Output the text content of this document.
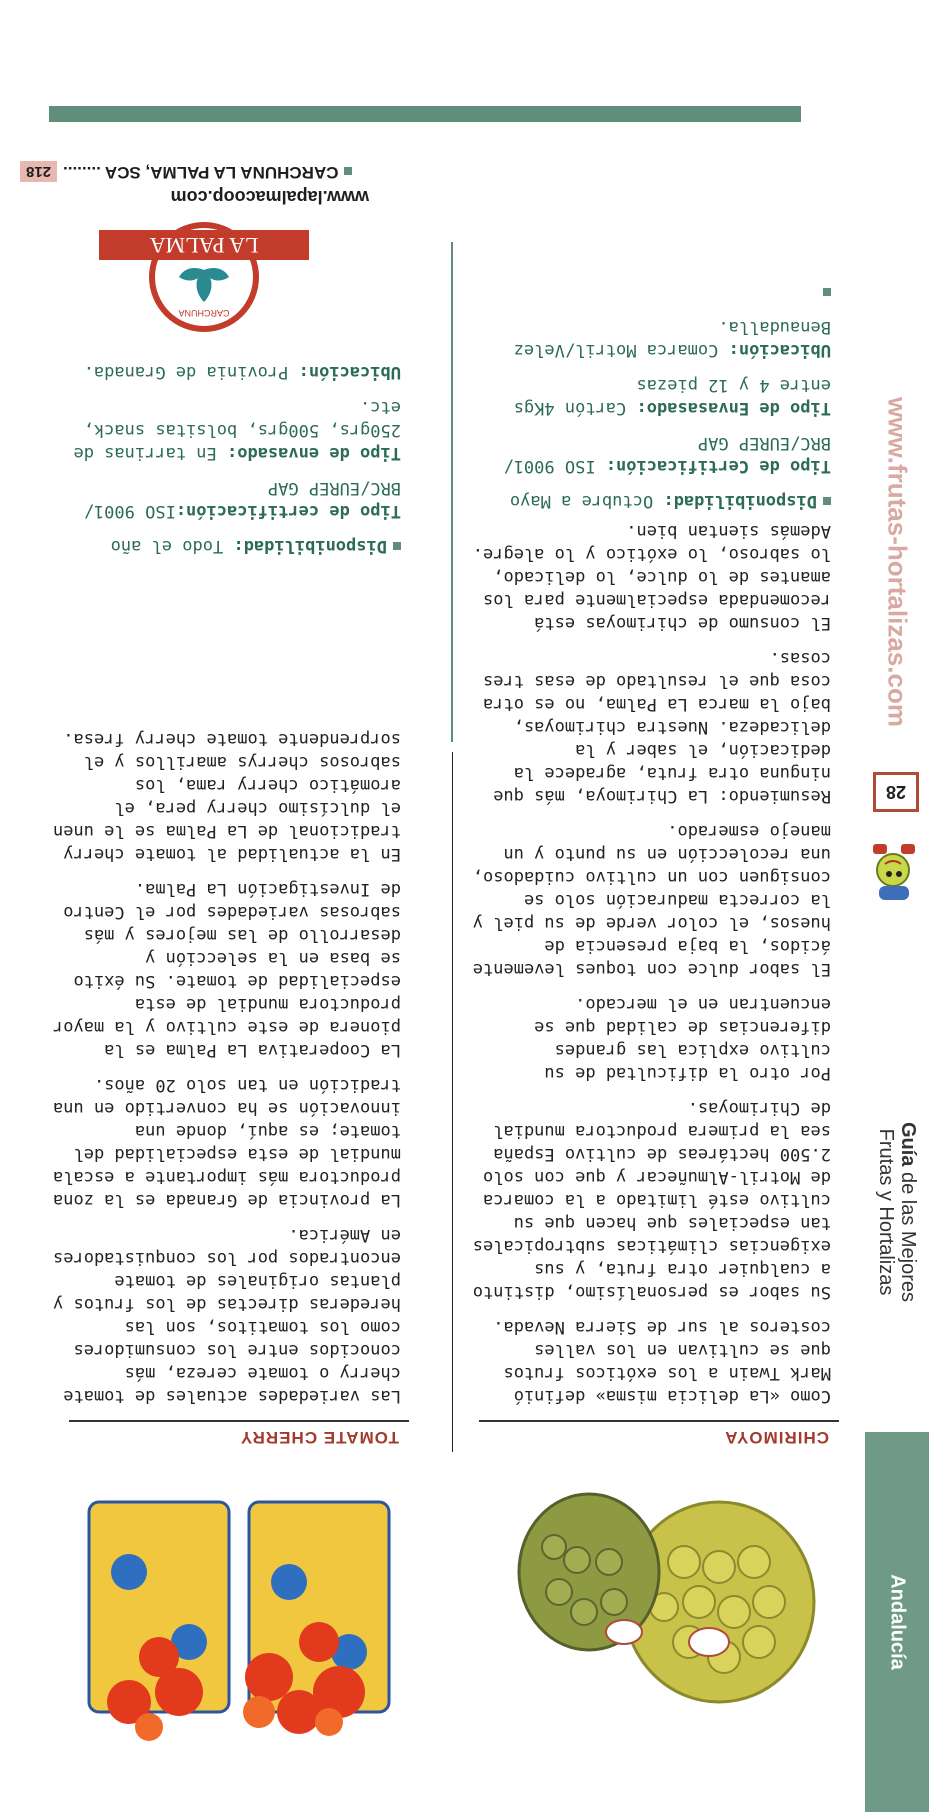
Andalucía
Guía de las Mejores
Frutas y Hortalizas
28
www.frutas-hortalizas.com
CHIRIMOYA

Como «La delicia misma» definió Mark Twain a los exóticos frutos que se cultivan en los valles costeros al sur de Sierra Nevada.

Su sabor es personalísimo, distinto a cualquier otra fruta, y sus exigencias climáticas subtropicales tan especiales que hacen que su cultivo esté limitado a la comarca de Motril-Almuñecar y que con solo 2.500 hectáreas de cultivo España sea la primera productora mundial de Chirimoyas.

Por otro la dificultad de su cultivo explica las grandes diferencias de calidad que se encuentran en el mercado.

El sabor dulce con toques levemente ácidos, la baja presencia de huesos, el color verde de su piel y la correcta maduración solo se consiguen con un cultivo cuidadoso, una recolección en su punto y un manejo esmerado.

Resumiendo: La Chirimoya, más que ninguna otra fruta, agradece la dedicación, el saber y la delicadeza. Nuestra chirimoyas, bajo la marca La Palma, no es otra cosa que el resultado de esas tres cosas.

El consumo de chirimoyas está recomendada especialmente para los amantes de lo dulce, lo delicado, lo sabroso, lo exótico y lo alegre. Además sientan bien.

Disponibilidad: Octubre a Mayo
Tipo de Certificación: ISO 9001/ BRC/EUREP GAP
Tipo de Envasasado: Cartón 4Kgs entre 4 y 12 piezas
Ubicación: Comarca Motril/Velez Benaudalla.
TOMATE CHERRY

Las variedades actuales de tomate cherry o tomate cereza, más conocidos entre los consumidores como los tomatitos, son las herederas directas de los frutos y plantas originales de tomate encontrados por los conquistadores en América.

La provincia de Granada es la zona productora más importante a escala mundial de esta especialidad del tomate; es aquí, donde una innovación se ha convertido en una tradición en tan solo 20 años.

La Cooperativa La Palma es la pionera de este cultivo y la mayor productora mundial de esta especialidad de tomate. Su éxito se basa en la selección y desarrollo de las mejores y más sabrosas variedades por el Centro de Investigación La Palma.

En la actualidad al tomate cherry tradicional de La Palma se le unen el dulcísimo cherry pera, el aromático cherry rama, los sabrosos cherrys amarillos y el sorprendente tomate cherry fresa.

Disponibilidad: Todo el año
Tipo de certificación:ISO 9001/ BRC/EUREP GAP
Tipo de envasado: En tarrinas de 250grs, 500grs, bolsitas snack, etc.
Ubicación: Provinia de Granada.
CARCHUNA
LA PALMA
www.lapalmacoop.com
CARCHUNA LA PALMA, SCA ........218
